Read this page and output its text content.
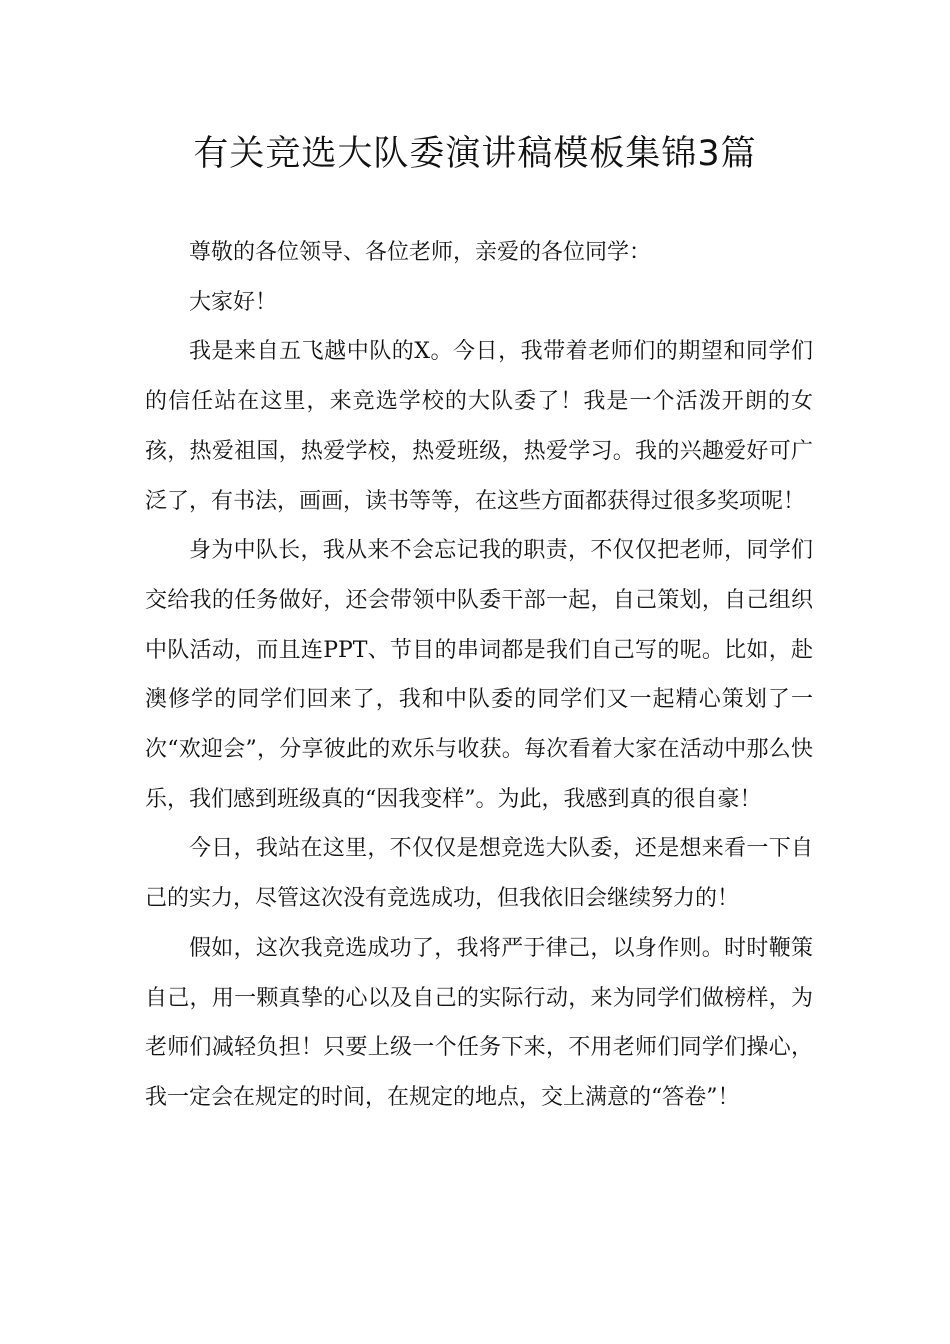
有关竞选大队委演讲稿模板集锦3篇

尊敬的各位领导、各位老师，亲爱的各位同学：

大家好！

我是来自五飞越中队的X。今日，我带着老师们的期望和同学们的信任站在这里，来竞选学校的大队委了！我是一个活泼开朗的女孩，热爱祖国，热爱学校，热爱班级，热爱学习。我的兴趣爱好可广泛了，有书法，画画，读书等等，在这些方面都获得过很多奖项呢！

身为中队长，我从来不会忘记我的职责，不仅仅把老师，同学们交给我的任务做好，还会带领中队委干部一起，自己策划，自己组织中队活动，而且连PPT、节目的串词都是我们自己写的呢。比如，赴澳修学的同学们回来了，我和中队委的同学们又一起精心策划了一次“欢迎会”，分享彼此的欢乐与收获。每次看着大家在活动中那么快乐，我们感到班级真的“因我变样”。为此，我感到真的很自豪！

今日，我站在这里，不仅仅是想竞选大队委，还是想来看一下自己的实力，尽管这次没有竞选成功，但我依旧会继续努力的！

假如，这次我竞选成功了，我将严于律己，以身作则。时时鞭策自己，用一颗真挚的心以及自己的实际行动，来为同学们做榜样，为老师们减轻负担！只要上级一个任务下来，不用老师们同学们操心，我一定会在规定的时间，在规定的地点，交上满意的“答卷”！
